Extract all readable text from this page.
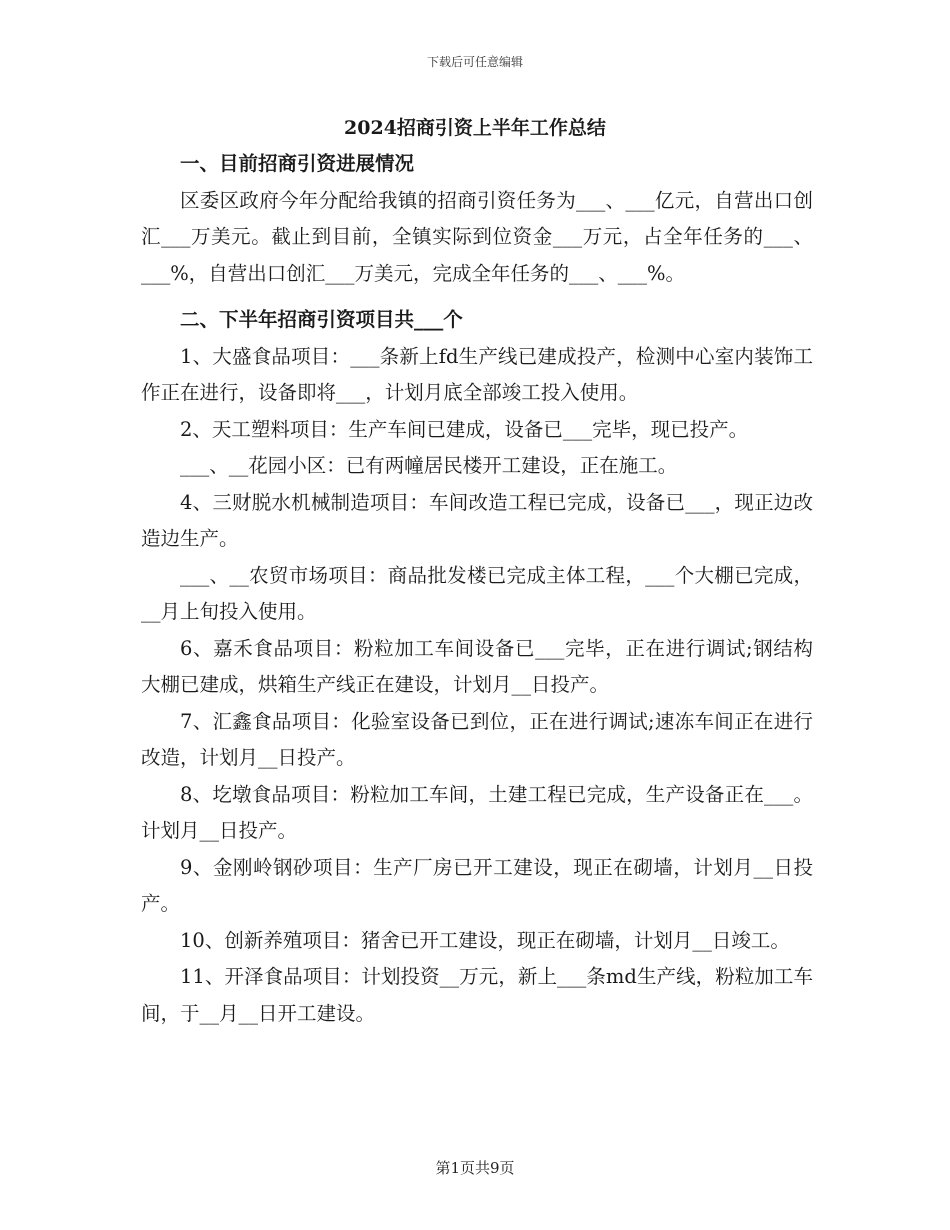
下载后可任意编辑
2024招商引资上半年工作总结

一、目前招商引资进展情况

区委区政府今年分配给我镇的招商引资任务为___、___亿元，自营出口创汇___万美元。截止到目前，全镇实际到位资金___万元，占全年任务的___、___%，自营出口创汇___万美元，完成全年任务的___、___%。

二、下半年招商引资项目共___个

1、大盛食品项目：___条新上fd生产线已建成投产，检测中心室内装饰工作正在进行，设备即将___，计划月底全部竣工投入使用。

2、天工塑料项目：生产车间已建成，设备已___完毕，现已投产。

___、__花园小区：已有两幢居民楼开工建设，正在施工。

4、三财脱水机械制造项目：车间改造工程已完成，设备已___，现正边改造边生产。

___、__农贸市场项目：商品批发楼已完成主体工程，___个大棚已完成，__月上旬投入使用。

6、嘉禾食品项目：粉粒加工车间设备已___完毕，正在进行调试;钢结构大棚已建成，烘箱生产线正在建设，计划月__日投产。

7、汇鑫食品项目：化验室设备已到位，正在进行调试;速冻车间正在进行改造，计划月__日投产。

8、圪墩食品项目：粉粒加工车间，土建工程已完成，生产设备正在___。计划月__日投产。

9、金刚岭钢砂项目：生产厂房已开工建设，现正在砌墙，计划月__日投产。

10、创新养殖项目：猪舍已开工建设，现正在砌墙，计划月__日竣工。

11、开泽食品项目：计划投资__万元，新上___条md生产线，粉粒加工车间，于__月__日开工建设。

第1页共9页
